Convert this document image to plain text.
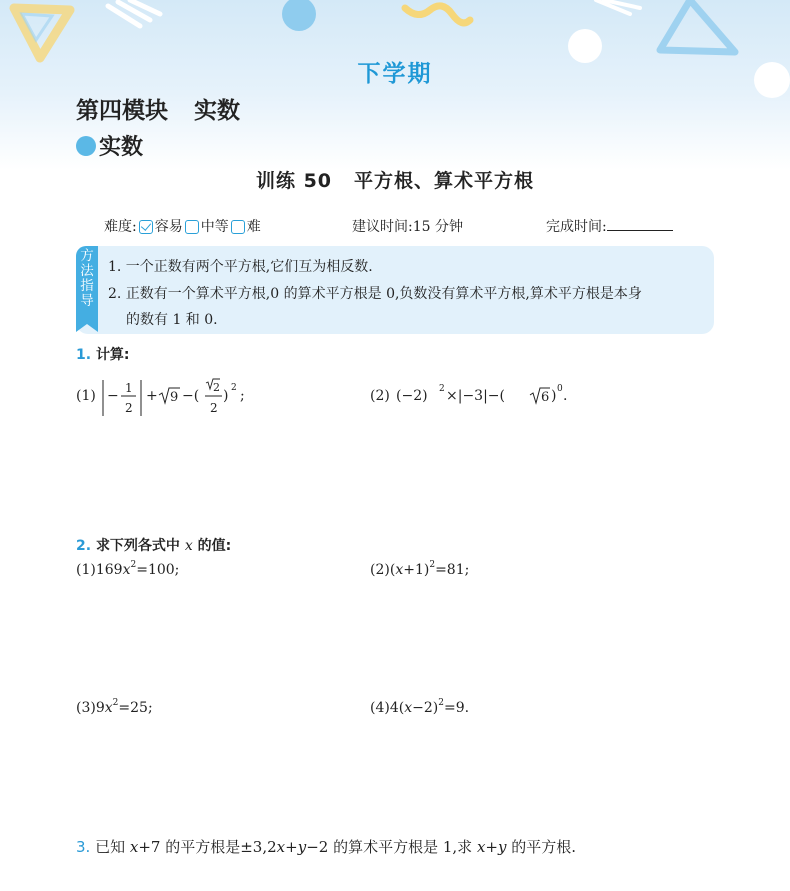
下学期
第四模块 实数
实数
训练 50 平方根、算术平方根
难度: 容易 中等 难	建议时间:15 分钟	完成时间:
方
法
指
导
1. 一个正数有两个平方根,它们互为相反数.
2. 正数有一个算术平方根,0 的算术平方根是 0,负数没有算术平方根,算术平方根是本身
的数有 1 和 0.
1. 计算:
(1) − 1
2
+ 9 −(
2
2
) 2 ;	(2) (−2) 2 ×|−3|−(	6 ) 0 .
2. 求下列各式中 x 的值:
$(1)169x^2=100$;	$(2)(x+1)^2=81$;
$(3)9x^2=25$;	$(4)4(x-2)^2=9$.
3. 已知 x+7 的平方根是±3,2x+y−2 的算术平方根是 1,求 x+y 的平方根.
